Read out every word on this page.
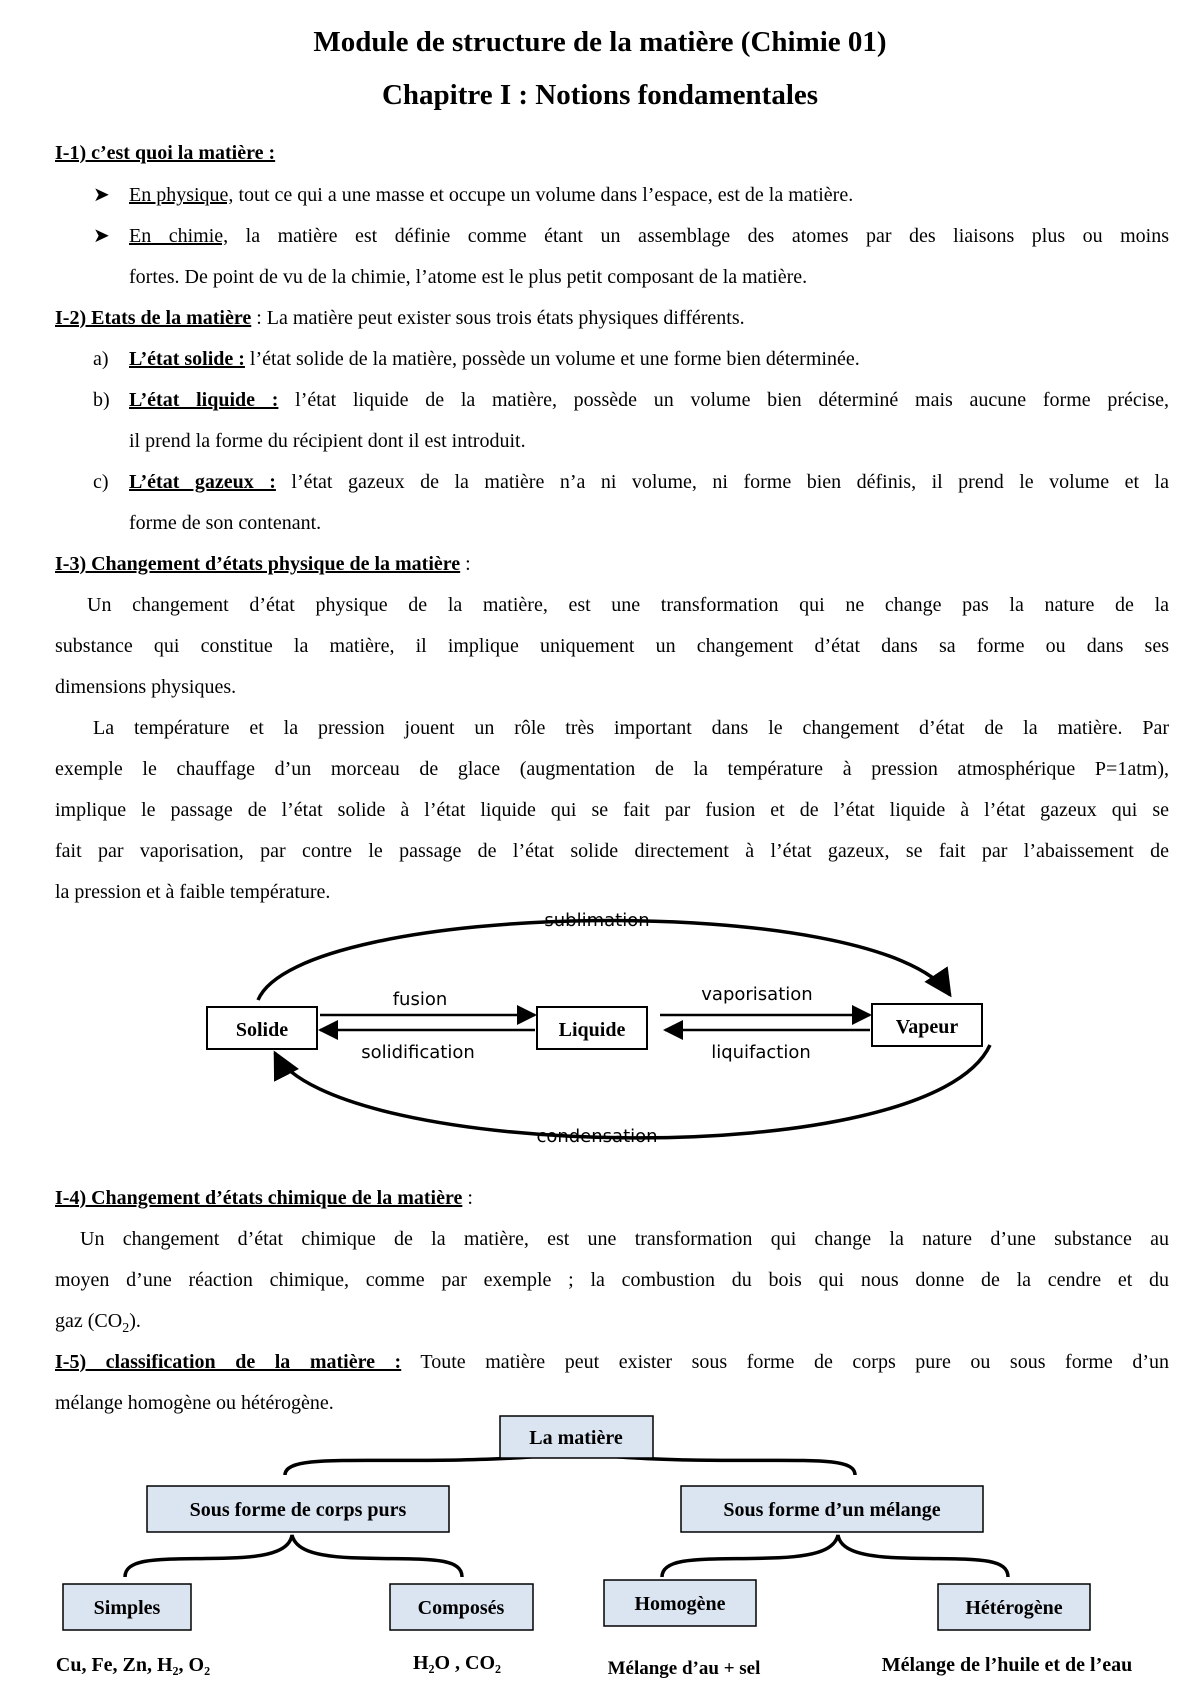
Module de structure de la matière (Chimie 01)
Chapitre I : Notions fondamentales
I-1) c’est quoi la matière :
➤ En physique, tout ce qui a une masse et occupe un volume dans l’espace, est de la matière.
➤ En chimie, la matière est définie comme étant un assemblage des atomes par des liaisons plus ou moins
fortes. De point de vu de la chimie, l’atome est le plus petit composant de la matière.
I-2) Etats de la matière : La matière peut exister sous trois états physiques différents.
a) L’état solide : l’état solide de la matière, possède un volume et une forme bien déterminée.
b) L’état liquide : l’état liquide de la matière, possède un volume bien déterminé mais aucune forme précise,
il prend la forme du récipient dont il est introduit.
c) L’état gazeux : l’état gazeux de la matière n’a ni volume, ni forme bien définis, il prend le volume et la
forme de son contenant.
I-3) Changement d’états physique de la matière :
Un changement d’état physique de la matière, est une transformation qui ne change pas la nature de la
substance qui constitue la matière, il implique uniquement un changement d’état dans sa forme ou dans ses
dimensions physiques.
La température et la pression jouent un rôle très important dans le changement d’état de la matière. Par
exemple le chauffage d’un morceau de glace (augmentation de la température à pression atmosphérique P=1atm),
implique le passage de l’état solide à l’état liquide qui se fait par fusion et de l’état liquide à l’état gazeux qui se
fait par vaporisation, par contre le passage de l’état solide directement à l’état gazeux, se fait par l’abaissement de
la pression et à faible température.
Solide	Liquide	Vapeur
fusion
solidification
vaporisation
liquifaction
sublimation
condensation
I-4) Changement d’états chimique de la matière :
Un changement d’état chimique de la matière, est une transformation qui change la nature d’une substance au
moyen d’une réaction chimique, comme par exemple ; la combustion du bois qui nous donne de la cendre et du
gaz $(CO_2)$.
I-5) classification de la matière : Toute matière peut exister sous forme de corps pure ou sous forme d’un
mélange homogène ou hétérogène.
La matière
Sous forme de corps purs	Sous forme d’un mélange
Simples	Composés	Homogène	Hétérogène
Cu, Fe, Zn, H₂, O₂	H₂O , CO₂	Mélange d’au + sel	Mélange de l’huile et de l’eau
